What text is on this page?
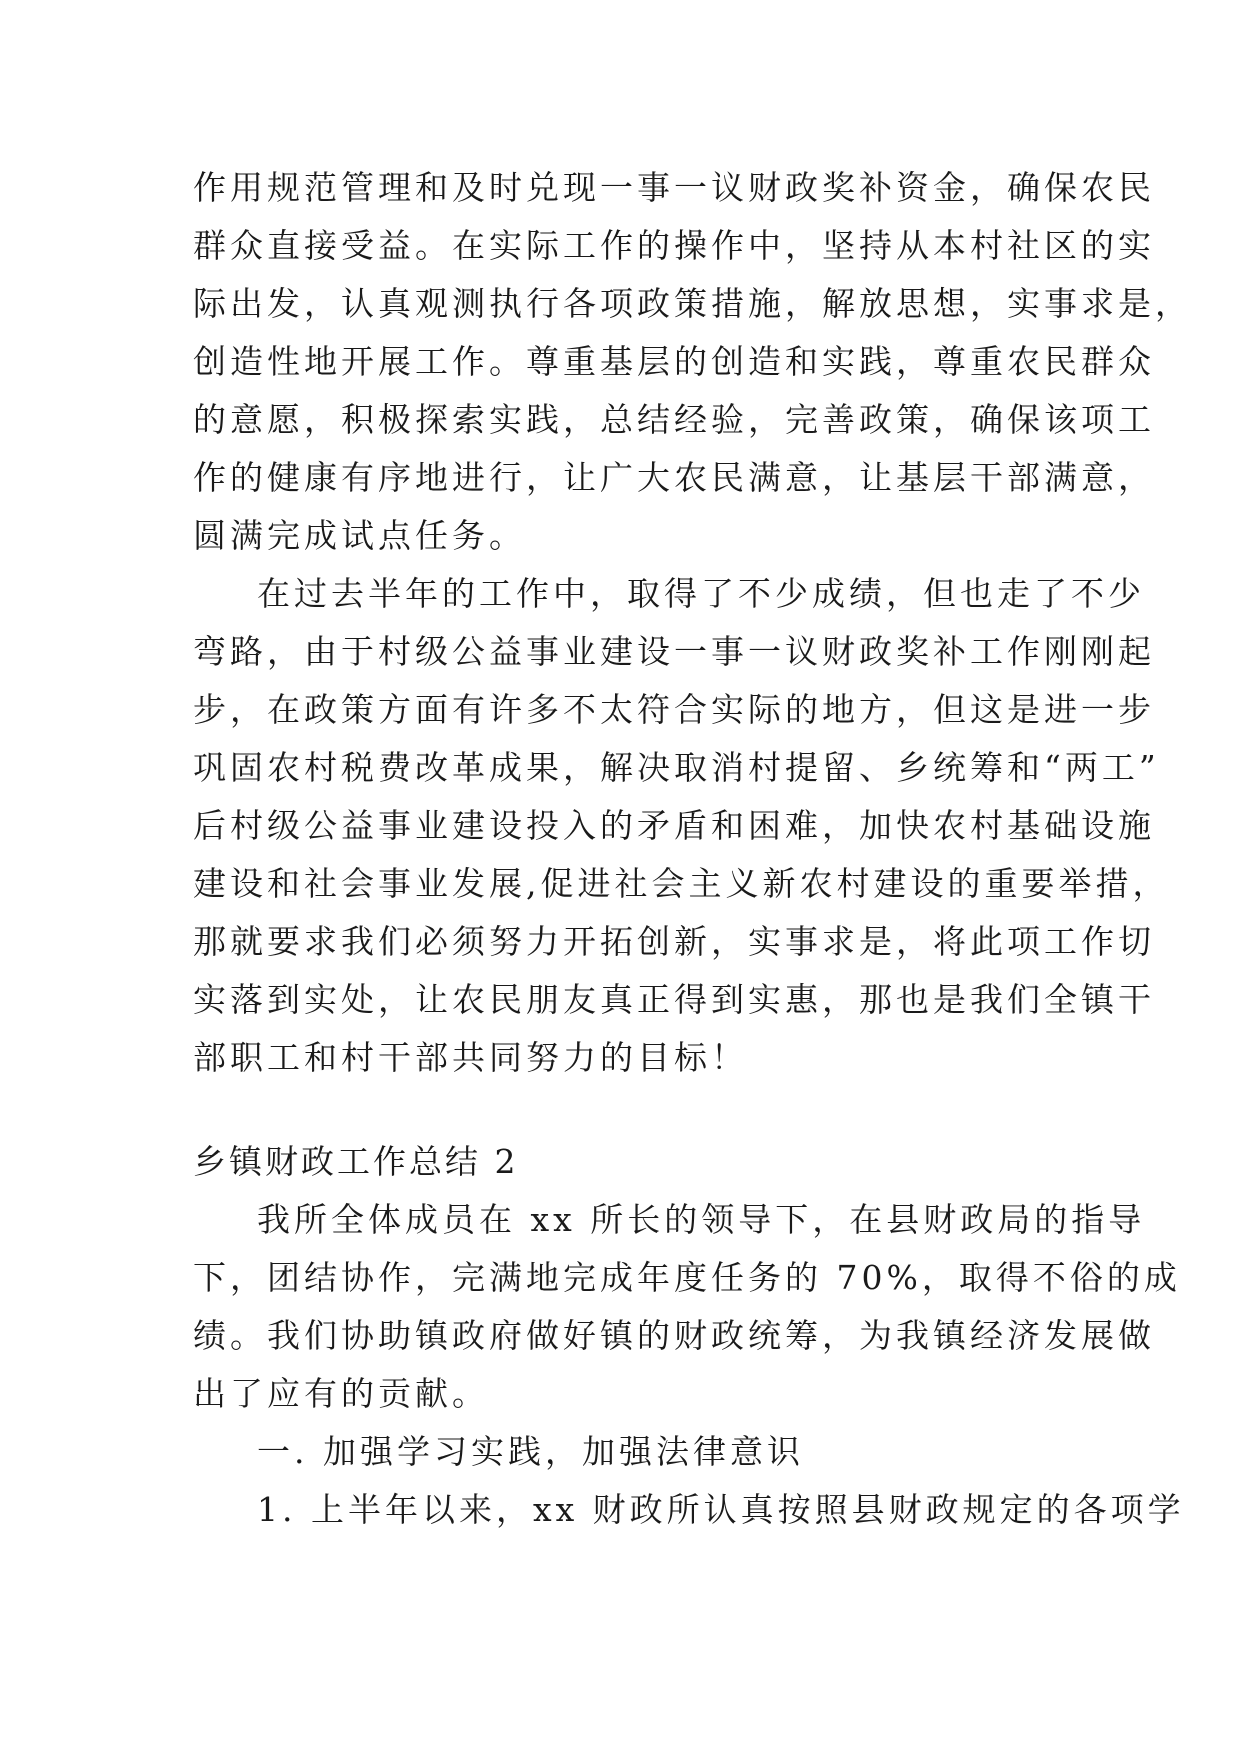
作用规范管理和及时兑现一事一议财政奖补资金，确保农民
群众直接受益。在实际工作的操作中，坚持从本村社区的实
际出发，认真观测执行各项政策措施，解放思想，实事求是，
创造性地开展工作。尊重基层的创造和实践，尊重农民群众
的意愿，积极探索实践，总结经验，完善政策，确保该项工
作的健康有序地进行，让广大农民满意，让基层干部满意，
圆满完成试点任务。
在过去半年的工作中，取得了不少成绩，但也走了不少
弯路，由于村级公益事业建设一事一议财政奖补工作刚刚起
步，在政策方面有许多不太符合实际的地方，但这是进一步
巩固农村税费改革成果，解决取消村提留、乡统筹和“两工”
后村级公益事业建设投入的矛盾和困难，加快农村基础设施
建设和社会事业发展,促进社会主义新农村建设的重要举措，
那就要求我们必须努力开拓创新，实事求是，将此项工作切
实落到实处，让农民朋友真正得到实惠，那也是我们全镇干
部职工和村干部共同努力的目标！
乡镇财政工作总结 2
我所全体成员在 xx 所长的领导下，在县财政局的指导
下，团结协作，完满地完成年度任务的 70%，取得不俗的成
绩。我们协助镇政府做好镇的财政统筹，为我镇经济发展做
出了应有的贡献。
一. 加强学习实践，加强法律意识
1. 上半年以来，xx 财政所认真按照县财政规定的各项学
